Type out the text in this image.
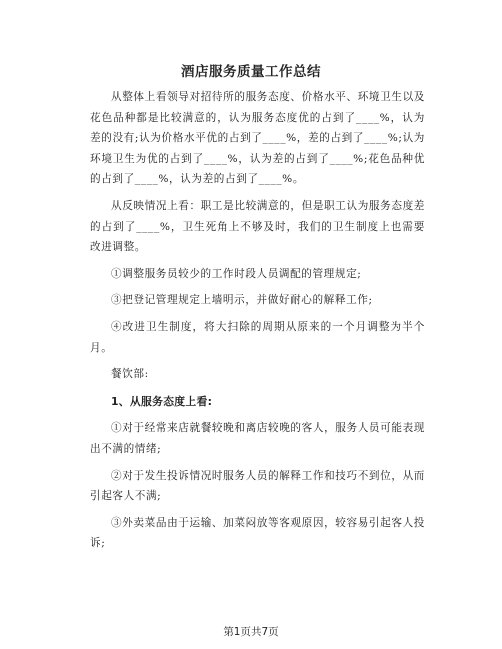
酒店服务质量工作总结

从整体上看领导对招待所的服务态度、价格水平、环境卫生以及花色品种都是比较满意的，认为服务态度优的占到了____%，认为差的没有;认为价格水平优的占到了____%，差的占到了____%;认为环境卫生为优的占到了____%，认为差的占到了____%;花色品种优的占到了____%，认为差的占到了____%。

从反映情况上看：职工是比较满意的，但是职工认为服务态度差的占到了____%，卫生死角上不够及时，我们的卫生制度上也需要改进调整。

①调整服务员较少的工作时段人员调配的管理规定;

③把登记管理规定上墙明示，并做好耐心的解释工作;

④改进卫生制度，将大扫除的周期从原来的一个月调整为半个月。

餐饮部:

1、从服务态度上看:

①对于经常来店就餐较晚和离店较晚的客人，服务人员可能表现出不满的情绪;

②对于发生投诉情况时服务人员的解释工作和技巧不到位，从而引起客人不满;

③外卖菜品由于运输、加菜闷放等客观原因，较容易引起客人投诉;

第1页共7页
